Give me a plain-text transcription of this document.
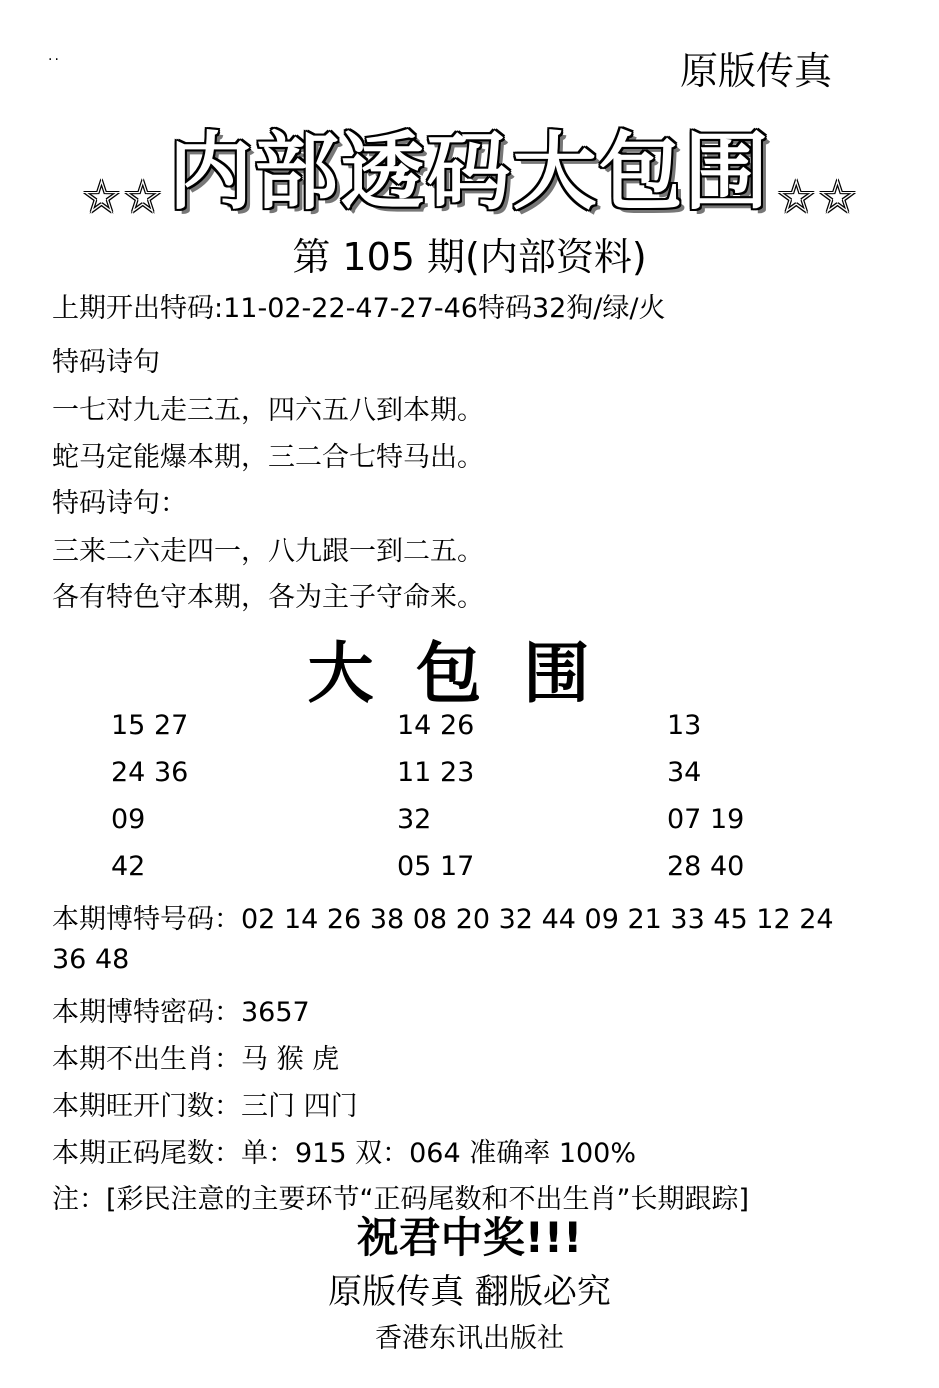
··	原版传真
☆☆ 内部透码大包围 ☆☆
第 105 期(内部资料)
上期开出特码:11-02-22-47-27-46特码32狗/绿/火
特码诗句
一七对九走三五，四六五八到本期。
蛇马定能爆本期，三二合七特马出。
特码诗句：
三来二六走四一，八九跟一到二五。
各有特色守本期，各为主子守命来。
大包围
15 27
24 36
09
42
14 26
11 23
32
05 17
13
34
07 19
28 40
本期博特号码：02 14 26 38 08 20 32 44 09 21 33 45 12 24
36 48
本期博特密码：3657
本期不出生肖：马 猴 虎
本期旺开门数：三门 四门
本期正码尾数：单：915 双：064 准确率 100%
注：[彩民注意的主要环节“正码尾数和不出生肖”长期跟踪]
祝君中奖!!!
原版传真 翻版必究
香港东讯出版社
